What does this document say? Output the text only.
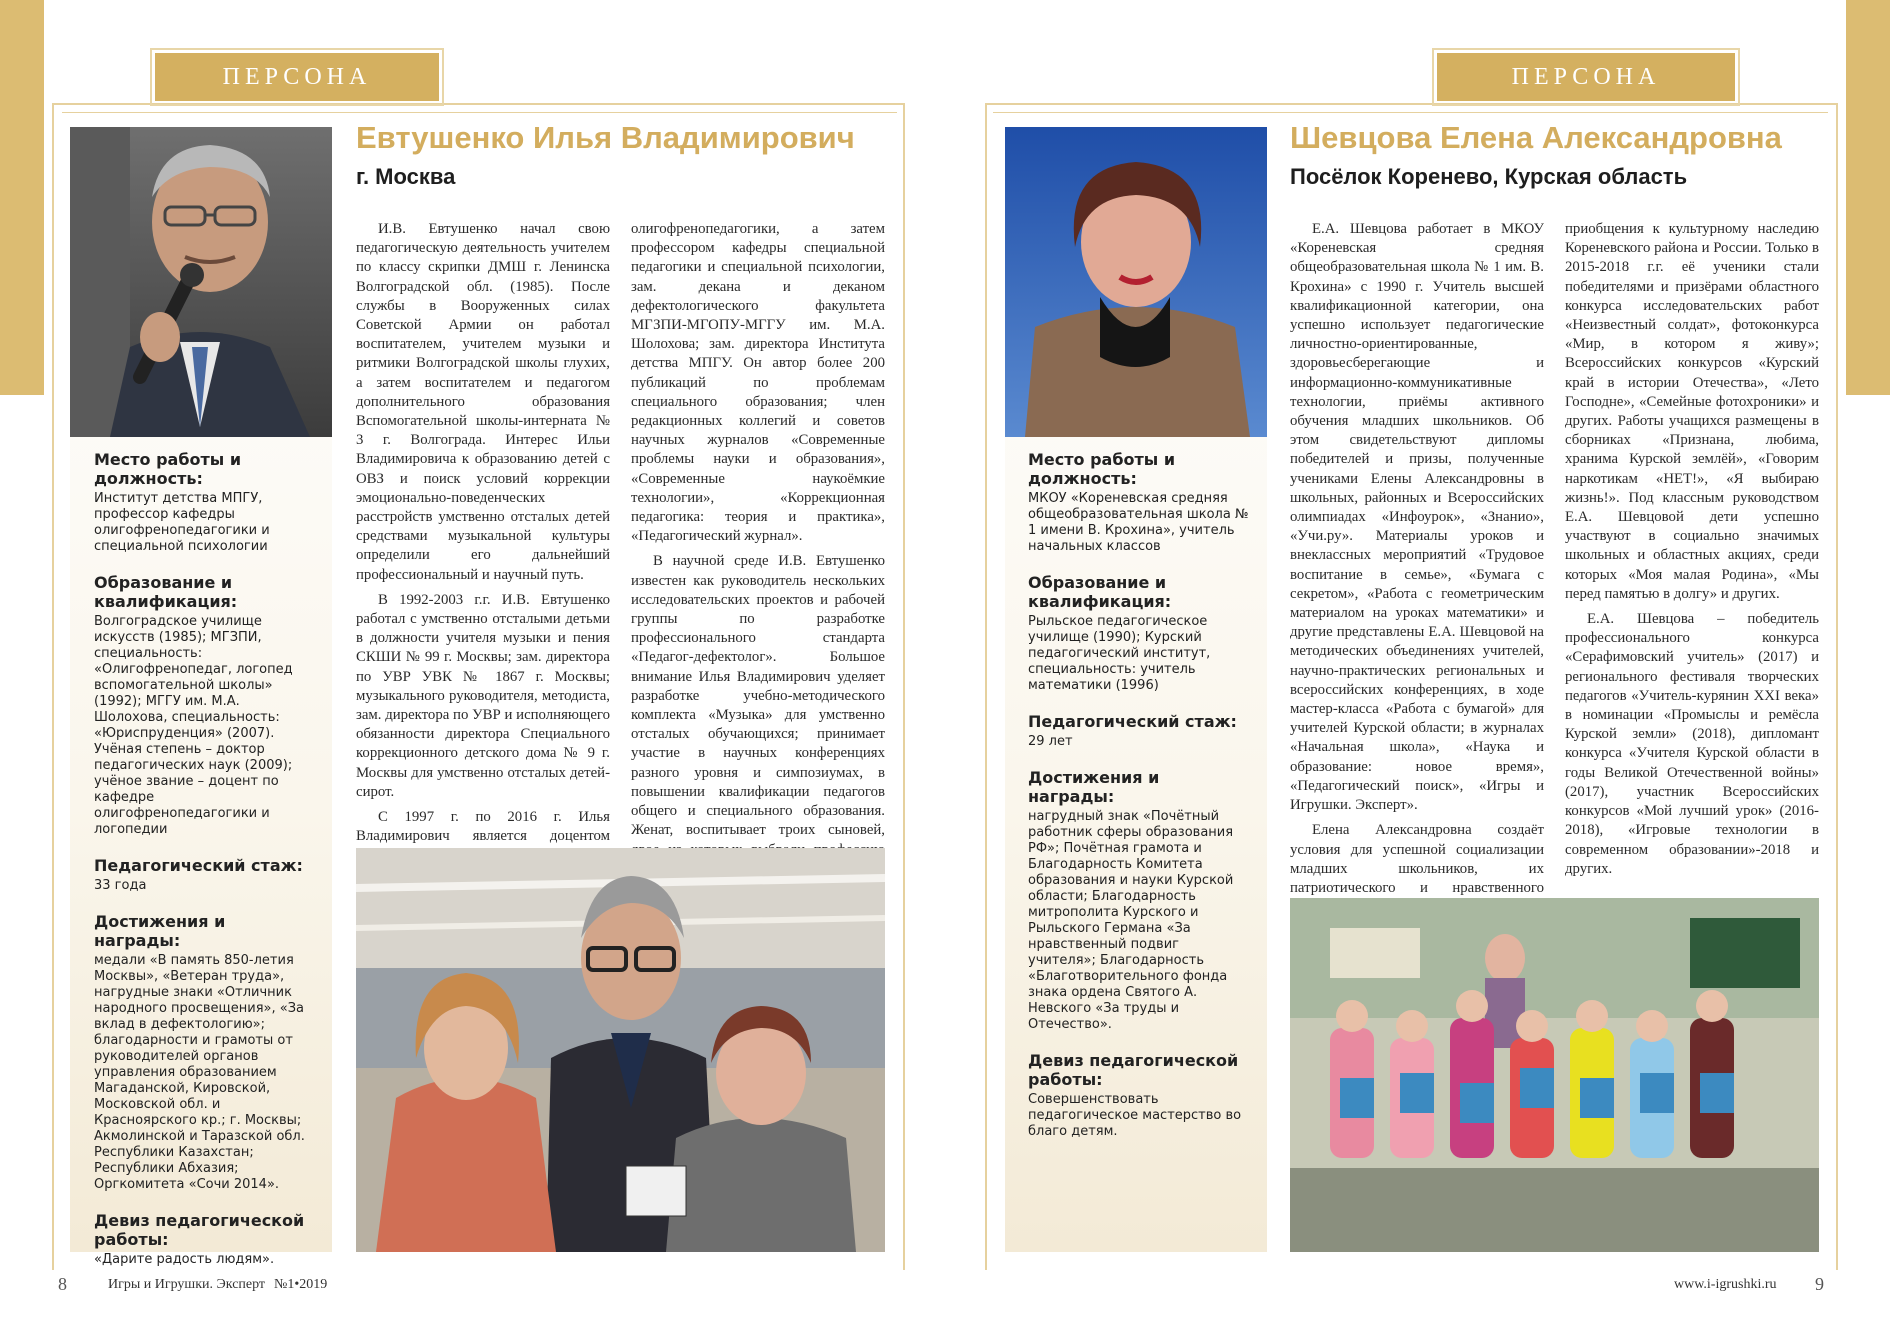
ПЕРСОНА	ПЕРСОНА

Место работы и должность:

Институт детства МПГУ, профессор кафедры олигофренопедагогики и специальной психологии

Образование и квалификация:

Волгоградское училище искусств (1985); МГЗПИ, специальность: «Олигофренопедаг, логопед вспомогательной школы» (1992); МГГУ им. М.А. Шолохова, специальность: «Юриспруденция» (2007). Учёная степень – доктор педагогических наук (2009); учёное звание – доцент по кафедре олигофренопедагогики и логопедии

Педагогический стаж:

33 года

Достижения и награды:

медали «В память 850-летия Москвы», «Ветеран труда», нагрудные знаки «Отличник народного просвещения», «За вклад в дефектологию»; благодарности и грамоты от руководителей органов управления образованием Магаданской, Кировской, Московской обл. и Красноярского кр.; г. Москвы; Акмолинской и Таразской обл. Республики Казахстан; Республики Абхазия; Оргкомитета «Сочи 2014».

Девиз педагогической работы:

«Дарите радость людям».

Евтушенко Илья Владимирович
г. Москва

И.В. Евтушенко начал свою педагогическую деятельность учителем по классу скрипки ДМШ г. Ленинска Волгоградской обл. (1985). После службы в Вооруженных силах Советской Армии он работал воспитателем, учителем музыки и ритмики Волгоградской школы глухих, а затем воспитателем и педагогом дополнительного образования Вспомогательной школы-интерната № 3 г. Волгограда. Интерес Ильи Владимировича к образованию детей с ОВЗ и поиск условий коррекции эмоционально-поведенческих расстройств умственно отсталых детей средствами музыкальной культуры определили его дальнейший профессиональный и научный путь.

В 1992-2003 г.г. И.В. Евтушенко работал с умственно отсталыми детьми в должности учителя музыки и пения СКШИ № 99 г. Москвы; зам. директора по УВР УВК № 1867 г. Москвы; музыкального руководителя, методиста, зам. директора по УВР и исполняющего обязанности директора Специального коррекционного детского дома № 9 г. Москвы для умственно отсталых детей-сирот.

С 1997 г. по 2016 г. Илья Владимирович является доцентом

олигофренопедагогики, а затем профессором кафедры специальной педагогики и специальной психологии, зам. декана и деканом дефектологического факультета МГЗПИ-МГОПУ-МГГУ им. М.А. Шолохова; зам. директора Института детства МПГУ. Он автор более 200 публикаций по проблемам специального образования; член редакционных коллегий и советов научных журналов «Современные проблемы науки и образования», «Современные наукоёмкие технологии», «Коррекционная педагогика: теория и практика», «Педагогический журнал».

В научной среде И.В. Евтушенко известен как руководитель нескольких исследовательских проектов и рабочей группы по разработке профессионального стандарта «Педагог-дефектолог». Большое внимание Илья Владимирович уделяет разработке учебно-методического комплекта «Музыка» для умственно отсталых обучающихся; принимает участие в научных конференциях разного уровня и симпозиумах, в повышении квалификации педагогов общего и специального образования. Женат, воспитывает троих сыновей,

Место работы и должность:

МКОУ «Кореневская средняя общеобразовательная школа № 1 имени В. Крохина», учитель начальных классов

Образование и квалификация:

Рыльское педагогическое училище (1990); Курский педагогический институт, специальность: учитель математики (1996)

Педагогический стаж:

29 лет

Достижения и награды:

нагрудный знак «Почётный работник сферы образования РФ»; Почётная грамота и Благодарность Комитета образования и науки Курской области; Благодарность митрополита Курского и Рыльского Германа «За нравственный подвиг учителя»; Благодарность «Благотворительного фонда знака ордена Святого А. Невского «За труды и Отечество».

Девиз педагогической работы:

Совершенствовать педагогическое мастерство во благо детям.

Шевцова Елена Александровна
Посёлок Коренево, Курская область

Е.А. Шевцова работает в МКОУ «Кореневская средняя общеобразовательная школа № 1 им. В. Крохина» с 1990 г. Учитель высшей квалификационной категории, она успешно использует педагогические личностно-ориентированные, здоровьесберегающие и информационно-коммуникативные технологии, приёмы активного обучения младших школьников. Об этом свидетельствуют дипломы победителей и призы, полученные учениками Елены Александровны в школьных, районных и Всероссийских олимпиадах «Инфоурок», «Знанио», «Учи.ру». Материалы уроков и внеклассных мероприятий «Трудовое воспитание в семье», «Бумага с секретом», «Работа с геометрическим материалом на уроках математики» и другие представлены Е.А. Шевцовой на методических объединениях учителей, научно-практических региональных и всероссийских конференциях, в ходе мастер-класса «Работа с бумагой» для учителей Курской области; в журналах «Начальная школа», «Наука и образование: новое время», «Педагогический поиск», «Игры и Игрушки. Эксперт».

Елена Александровна создаёт условия для успешной социализации младших школьников, их патриотического и нравственного

приобщения к культурному наследию Кореневского района и России. Только в 2015-2018 г.г. её ученики стали победителями и призёрами областного конкурса исследовательских работ «Неизвестный солдат», фотоконкурса «Мир, в котором я живу»; Всероссийских конкурсов «Курский край в истории Отечества», «Лето Господне», «Семейные фотохроники» и других. Работы учащихся размещены в сборниках «Признана, любима, хранима Курской землёй», «Говорим наркотикам «НЕТ!», «Я выбираю жизнь!». Под классным руководством Е.А. Шевцовой дети успешно участвуют в социально значимых школьных и областных акциях, среди которых «Моя малая Родина», «Мы перед памятью в долгу» и других.

Е.А. Шевцова – победитель профессионального конкурса «Серафимовский учитель» (2017) и регионального фестиваля творческих педагогов «Учитель-курянин XXI века» в номинации «Промыслы и ремёсла Курской земли» (2018), дипломант конкурса «Учителя Курской области в годы Великой Отечественной войны» (2017), участник Всероссийских конкурсов «Мой лучший урок» (2016-2018), «Игровые технологии в современном образовании»-2018 и других.

8	Игры и Игрушки. Эксперт №1•2019	www.i-igrushki.ru 9
